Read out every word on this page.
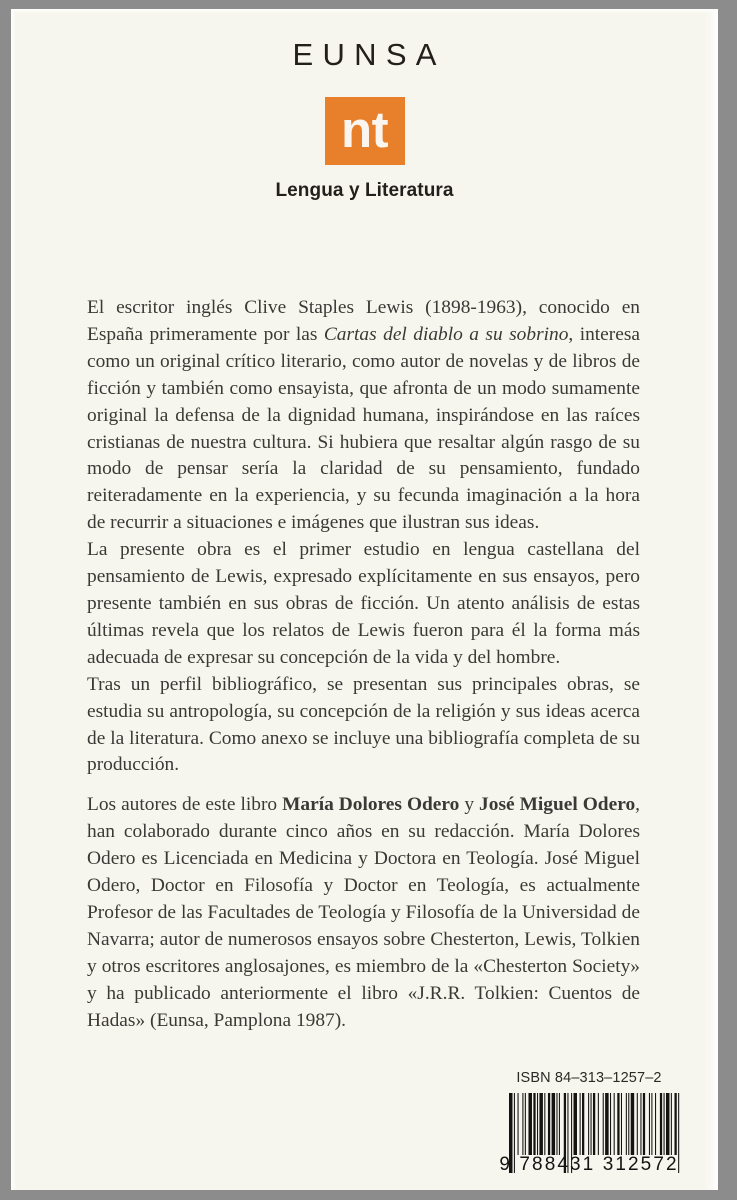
EUNSA
nt
Lengua y Literatura

El escritor inglés Clive Staples Lewis (1898-1963), conocido en España primeramente por las Cartas del diablo a su sobrino, interesa como un original crítico literario, como autor de novelas y de libros de ficción y también como ensayista, que afronta de un modo sumamente original la defensa de la dignidad humana, inspirándose en las raíces cristianas de nuestra cultura. Si hubiera que resaltar algún rasgo de su modo de pensar sería la claridad de su pensamiento, fundado reiteradamente en la experiencia, y su fecunda imaginación a la hora de recurrir a situaciones e imágenes que ilustran sus ideas.

La presente obra es el primer estudio en lengua castellana del pensamiento de Lewis, expresado explícitamente en sus ensayos, pero presente también en sus obras de ficción. Un atento análisis de estas últimas revela que los relatos de Lewis fueron para él la forma más adecuada de expresar su concepción de la vida y del hombre.

Tras un perfil bibliográfico, se presentan sus principales obras, se estudia su antropología, su concepción de la religión y sus ideas acerca de la literatura. Como anexo se incluye una bibliografía completa de su producción.

Los autores de este libro María Dolores Odero y José Miguel Odero, han colaborado durante cinco años en su redacción. María Dolores Odero es Licenciada en Medicina y Doctora en Teología. José Miguel Odero, Doctor en Filosofía y Doctor en Teología, es actualmente Profesor de las Facultades de Teología y Filosofía de la Universidad de Navarra; autor de numerosos ensayos sobre Chesterton, Lewis, Tolkien y otros escritores anglosajones, es miembro de la «Chesterton Society» y ha publicado anteriormente el libro «J.R.R. Tolkien: Cuentos de Hadas» (Eunsa, Pamplona 1987).

ISBN 84–313–1257–2
9 788431 312572
